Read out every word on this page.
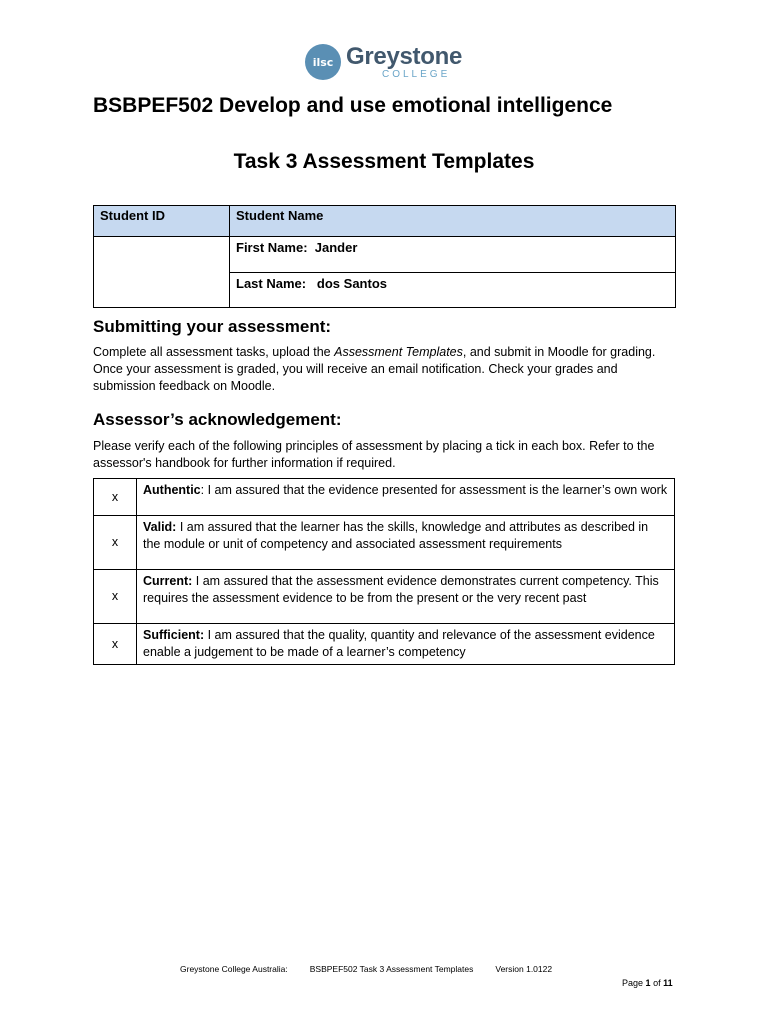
ilsc Greystone
COLLEGE
BSBPEF502 Develop and use emotional intelligence
Task 3 Assessment Templates
Student ID	Student Name
	First Name: Jander
	Last Name: dos Santos
Submitting your assessment:
Complete all assessment tasks, upload the Assessment Templates, and submit in Moodle for grading. Once your assessment is graded, you will receive an email notification. Check your grades and submission feedback on Moodle.
Assessor’s acknowledgement:
Please verify each of the following principles of assessment by placing a tick in each box. Refer to the assessor's handbook for further information if required.
x	Authentic: I am assured that the evidence presented for assessment is the learner’s own work
x	Valid: I am assured that the learner has the skills, knowledge and attributes as described in the module or unit of competency and associated assessment requirements
x	Current: I am assured that the assessment evidence demonstrates current competency. This requires the assessment evidence to be from the present or the very recent past
x	Sufficient: I am assured that the quality, quantity and relevance of the assessment evidence enable a judgement to be made of a learner’s competency
Greystone College Australia:	BSBPEF502 Task 3 Assessment Templates	Version 1.0122
Page 1 of 11
